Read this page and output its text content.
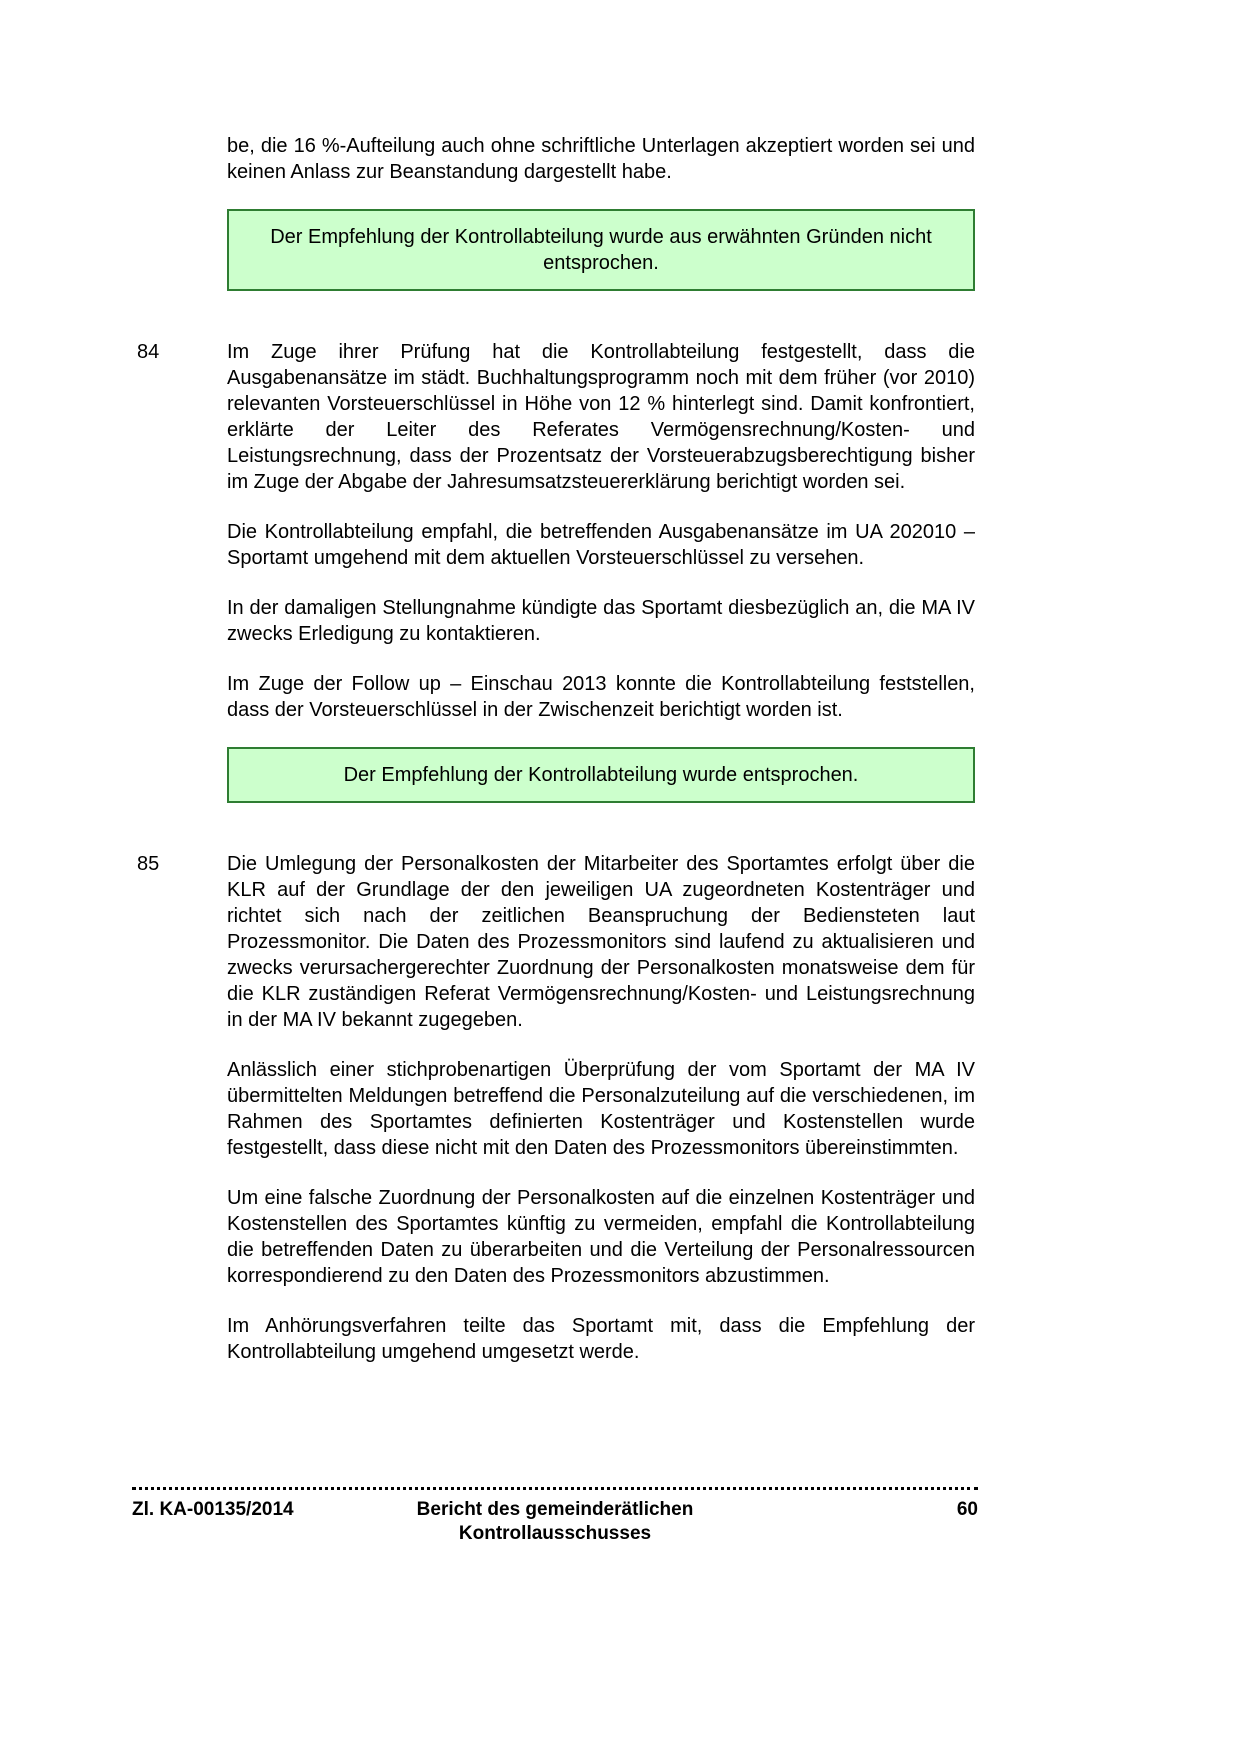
be, die 16 %-Aufteilung auch ohne schriftliche Unterlagen akzeptiert worden sei und keinen Anlass zur Beanstandung dargestellt habe.

Der Empfehlung der Kontrollabteilung wurde aus erwähnten Gründen nicht entsprochen.
84	Im Zuge ihrer Prüfung hat die Kontrollabteilung festgestellt, dass die Ausgabenansätze im städt. Buchhaltungsprogramm noch mit dem früher (vor 2010) relevanten Vorsteuerschlüssel in Höhe von 12 % hinterlegt sind. Damit konfrontiert, erklärte der Leiter des Referates Vermögensrechnung/Kosten- und Leistungsrechnung, dass der Prozentsatz der Vorsteuerabzugsberechtigung bisher im Zuge der Abgabe der Jahresumsatzsteuererklärung berichtigt worden sei.

Die Kontrollabteilung empfahl, die betreffenden Ausgabenansätze im UA 202010 – Sportamt umgehend mit dem aktuellen Vorsteuerschlüssel zu versehen.

In der damaligen Stellungnahme kündigte das Sportamt diesbezüglich an, die MA IV zwecks Erledigung zu kontaktieren.

Im Zuge der Follow up – Einschau 2013 konnte die Kontrollabteilung feststellen, dass der Vorsteuerschlüssel in der Zwischenzeit berichtigt worden ist.

Der Empfehlung der Kontrollabteilung wurde entsprochen.
85	Die Umlegung der Personalkosten der Mitarbeiter des Sportamtes erfolgt über die KLR auf der Grundlage der den jeweiligen UA zugeordneten Kostenträger und richtet sich nach der zeitlichen Beanspruchung der Bediensteten laut Prozessmonitor. Die Daten des Prozessmonitors sind laufend zu aktualisieren und zwecks verursachergerechter Zuordnung der Personalkosten monatsweise dem für die KLR zuständigen Referat Vermögensrechnung/Kosten- und Leistungsrechnung in der MA IV bekannt zugegeben.

Anlässlich einer stichprobenartigen Überprüfung der vom Sportamt der MA IV übermittelten Meldungen betreffend die Personalzuteilung auf die verschiedenen, im Rahmen des Sportamtes definierten Kostenträger und Kostenstellen wurde festgestellt, dass diese nicht mit den Daten des Prozessmonitors übereinstimmten.

Um eine falsche Zuordnung der Personalkosten auf die einzelnen Kostenträger und Kostenstellen des Sportamtes künftig zu vermeiden, empfahl die Kontrollabteilung die betreffenden Daten zu überarbeiten und die Verteilung der Personalressourcen korrespondierend zu den Daten des Prozessmonitors abzustimmen.

Im Anhörungsverfahren teilte das Sportamt mit, dass die Empfehlung der Kontrollabteilung umgehend umgesetzt werde.

Zl. KA-00135/2014	Bericht des gemeinderätlichen Kontrollausschusses
60
